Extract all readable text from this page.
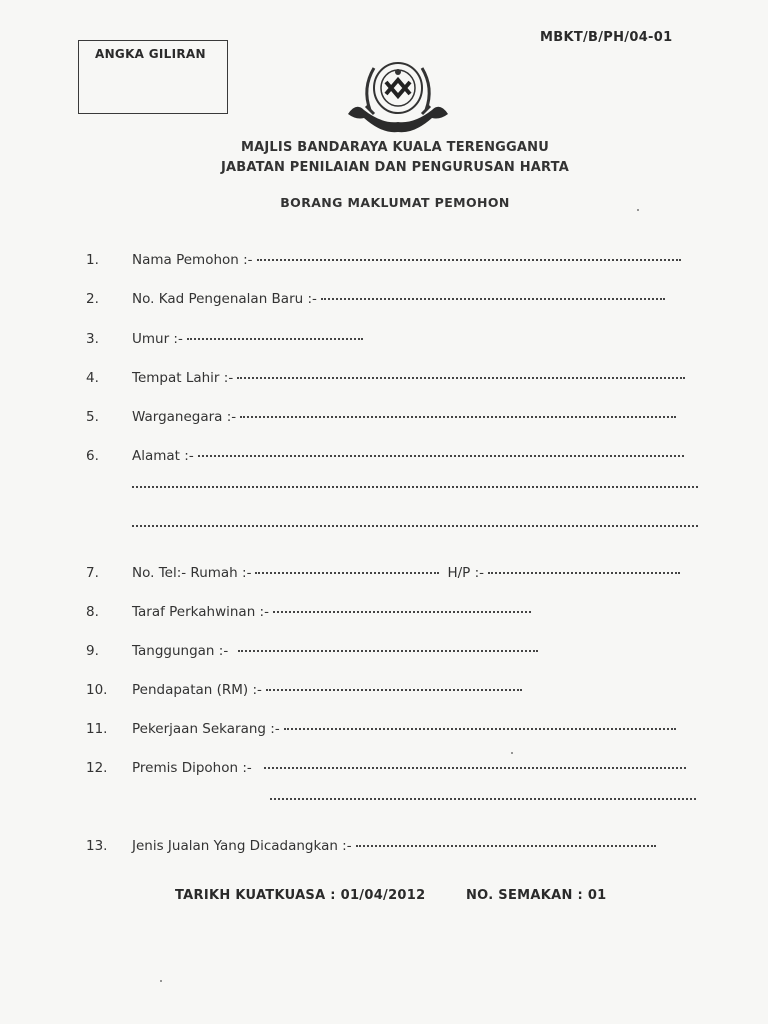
MBKT/B/PH/04-01
ANGKA GILIRAN
MAJLIS BANDARAYA KUALA TERENGGANU
JABATAN PENILAIAN DAN PENGURUSAN HARTA
BORANG MAKLUMAT PEMOHON
1.	Nama Pemohon :-
2.	No. Kad Pengenalan Baru :-
3.	Umur :-
4.	Tempat Lahir :-
5.	Warganegara :-
6.	Alamat :-
7.	No. Tel:- Rumah :-	H/P :-
8.	Taraf Perkahwinan :-
9.	Tanggungan :-
10.	Pendapatan (RM) :-
11.	Pekerjaan Sekarang :-
12.	Premis Dipohon :-
13.	Jenis Jualan Yang Dicadangkan :-
TARIKH KUATKUASA : 01/04/2012	NO. SEMAKAN : 01
